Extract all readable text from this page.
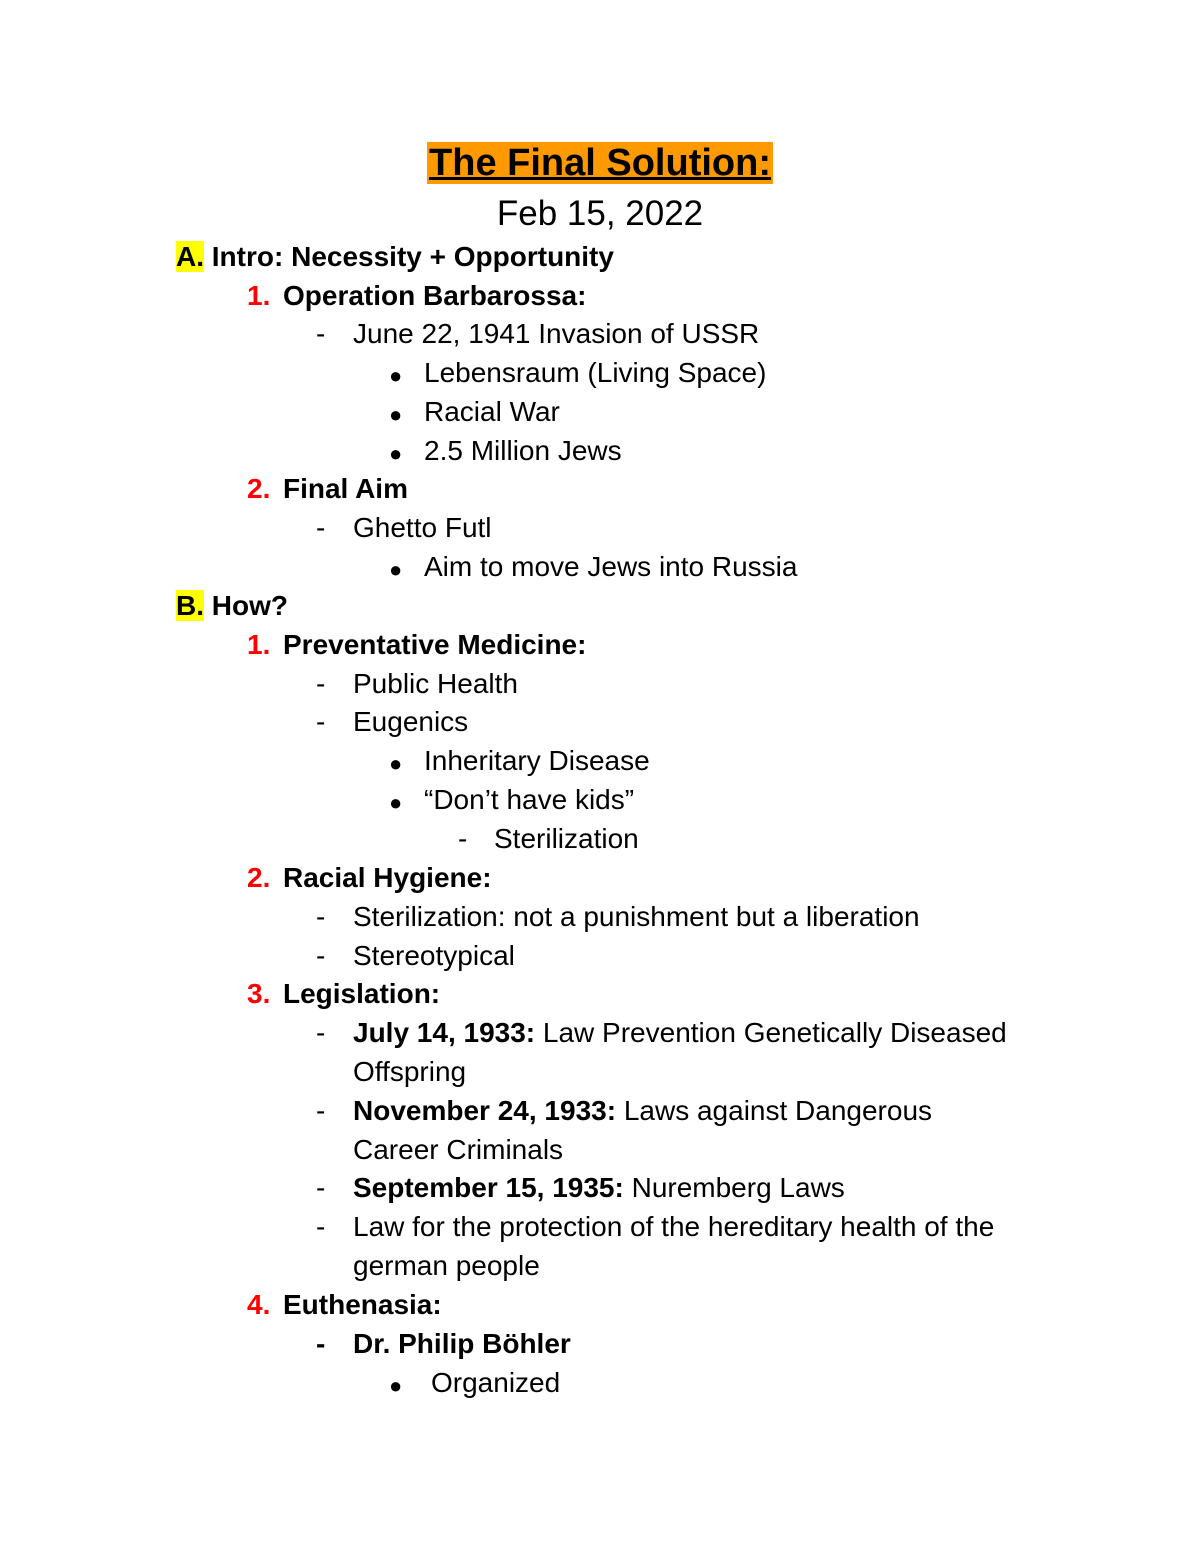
The Final Solution:
Feb 15, 2022
A. Intro: Necessity + Opportunity
1. Operation Barbarossa:
- June 22, 1941 Invasion of USSR
● Lebensraum (Living Space)
● Racial War
● 2.5 Million Jews
2. Final Aim
- Ghetto Futl
● Aim to move Jews into Russia
B. How?
1. Preventative Medicine:
- Public Health
- Eugenics
● Inheritary Disease
● “Don’t have kids”
- Sterilization
2. Racial Hygiene:
- Sterilization: not a punishment but a liberation
- Stereotypical
3. Legislation:
- July 14, 1933: Law Prevention Genetically Diseased
Offspring
- November 24, 1933: Laws against Dangerous
Career Criminals
- September 15, 1935: Nuremberg Laws
- Law for the protection of the hereditary health of the
german people
4. Euthenasia:
- Dr. Philip Böhler
● Organized
